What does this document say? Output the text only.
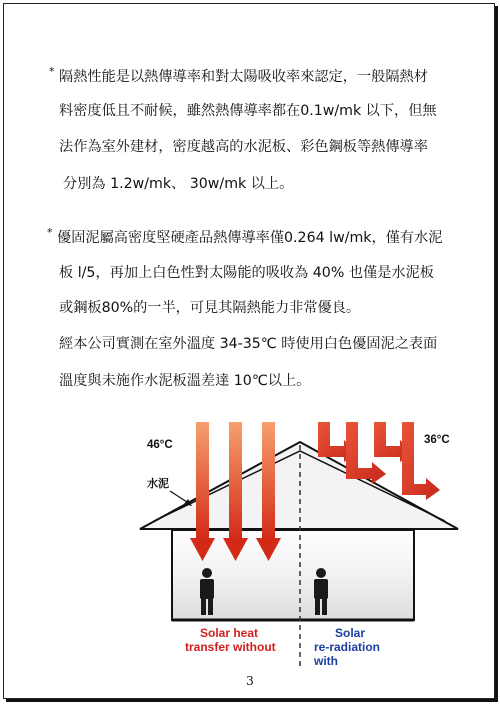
* 隔熱性能是以熱傳導率和對太陽吸收率來認定，一般隔熱材
料密度低且不耐候，雖然熱傳導率都在0.1w/mk 以下，但無
法作為室外建材，密度越高的水泥板、彩色鋼板等熱傳導率
分別為 1.2w/mk、 30w/mk 以上。
* 優固泥屬高密度堅硬產品熱傳導率僅0.264 lw/mk，僅有水泥
板 l/5，再加上白色性對太陽能的吸收為 40% 也僅是水泥板
或鋼板80%的一半，可見其隔熱能力非常優良。
經本公司實測在室外溫度 34-35℃ 時使用白色優固泥之表面
溫度與未施作水泥板溫差達 10℃以上。
46°C	36°C
水泥
Solar heat
transfer without
Solar
re-radiation
with
3
